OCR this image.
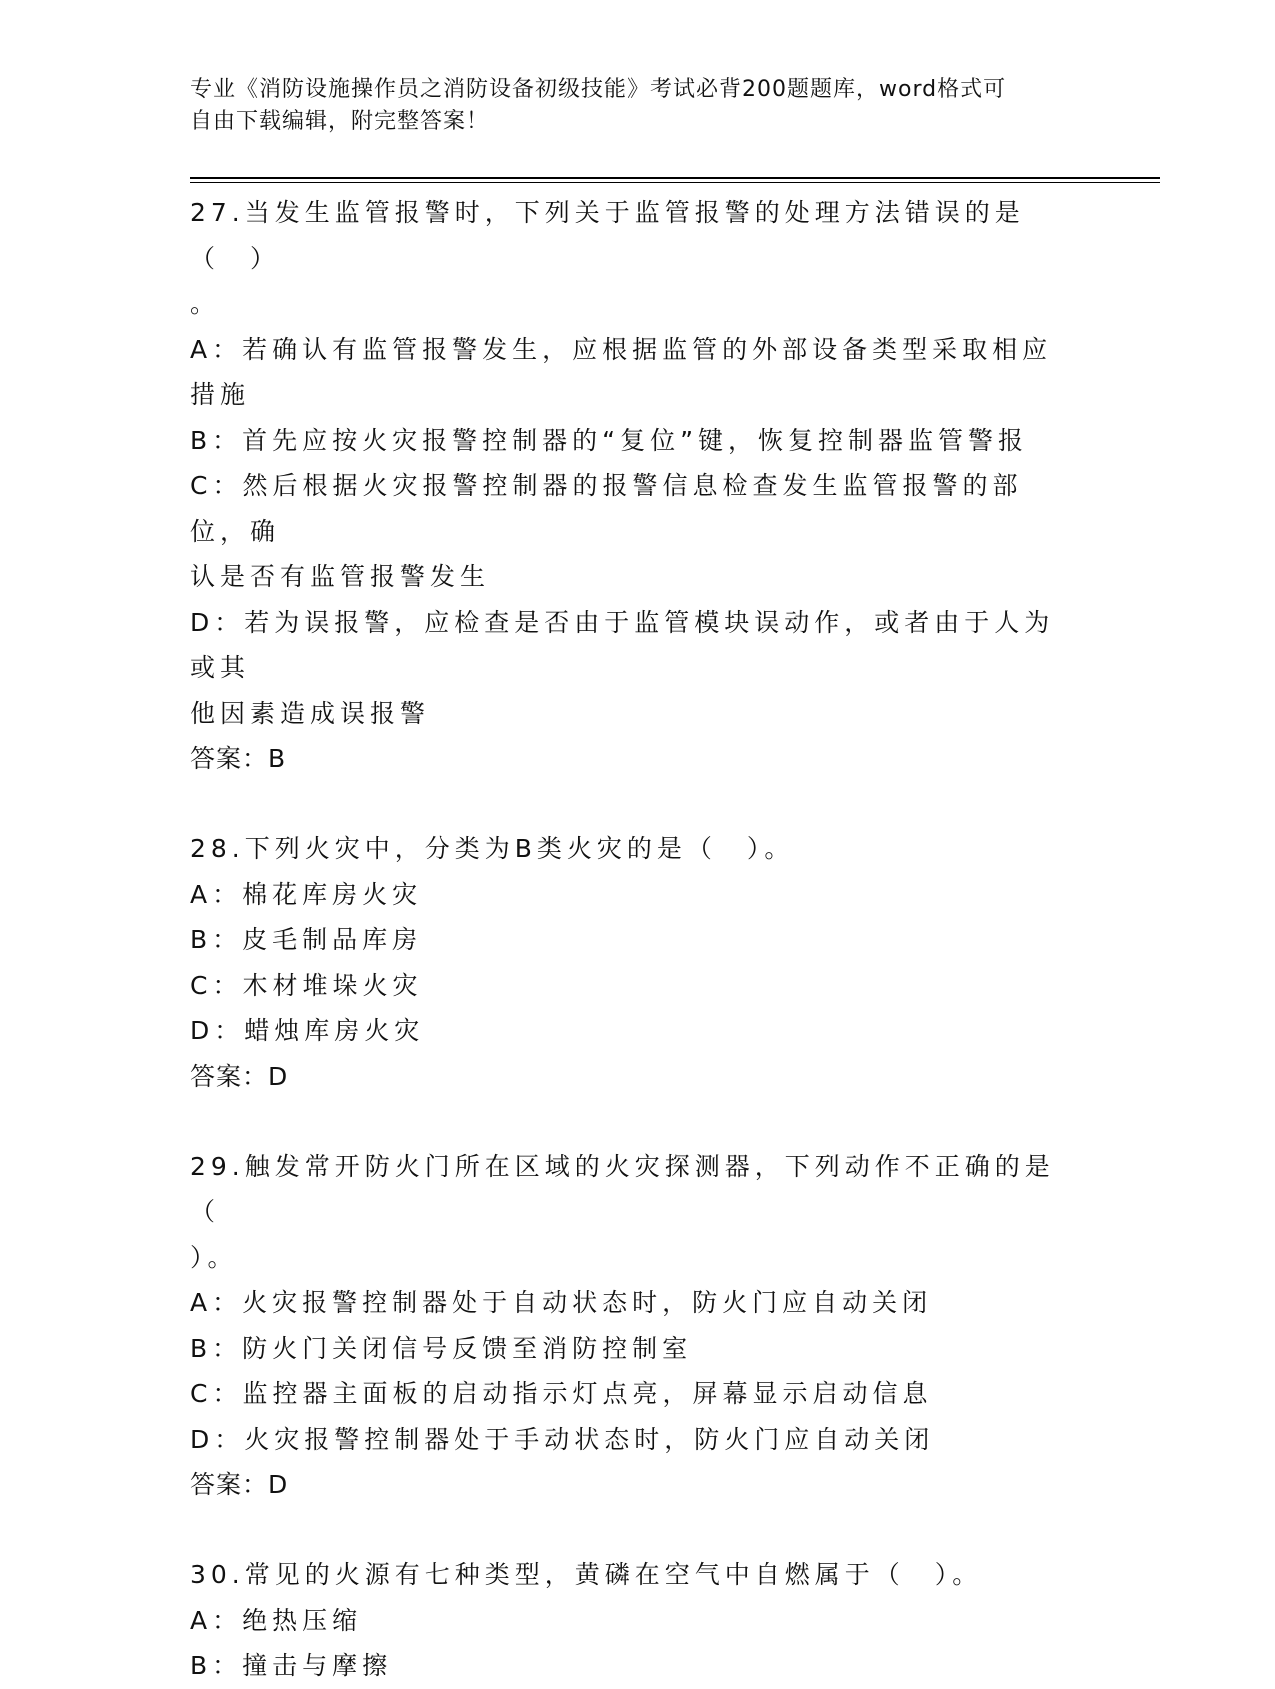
专业《消防设施操作员之消防设备初级技能》考试必背200题题库，word格式可
自由下载编辑，附完整答案！
27.当发生监管报警时，下列关于监管报警的处理方法错误的是（　）
。
A：若确认有监管报警发生，应根据监管的外部设备类型采取相应措施
B：首先应按火灾报警控制器的“复位”键，恢复控制器监管警报
C：然后根据火灾报警控制器的报警信息检查发生监管报警的部位，确
认是否有监管报警发生
D：若为误报警，应检查是否由于监管模块误动作，或者由于人为或其
他因素造成误报警
答案：B
28.下列火灾中，分类为B类火灾的是（　）。
A：棉花库房火灾
B：皮毛制品库房
C：木材堆垛火灾
D：蜡烛库房火灾
答案：D
29.触发常开防火门所在区域的火灾探测器，下列动作不正确的是（
）。
A：火灾报警控制器处于自动状态时，防火门应自动关闭
B：防火门关闭信号反馈至消防控制室
C：监控器主面板的启动指示灯点亮，屏幕显示启动信息
D：火灾报警控制器处于手动状态时，防火门应自动关闭
答案：D
30.常见的火源有七种类型，黄磷在空气中自燃属于（　）。
A：绝热压缩
B：撞击与摩擦
